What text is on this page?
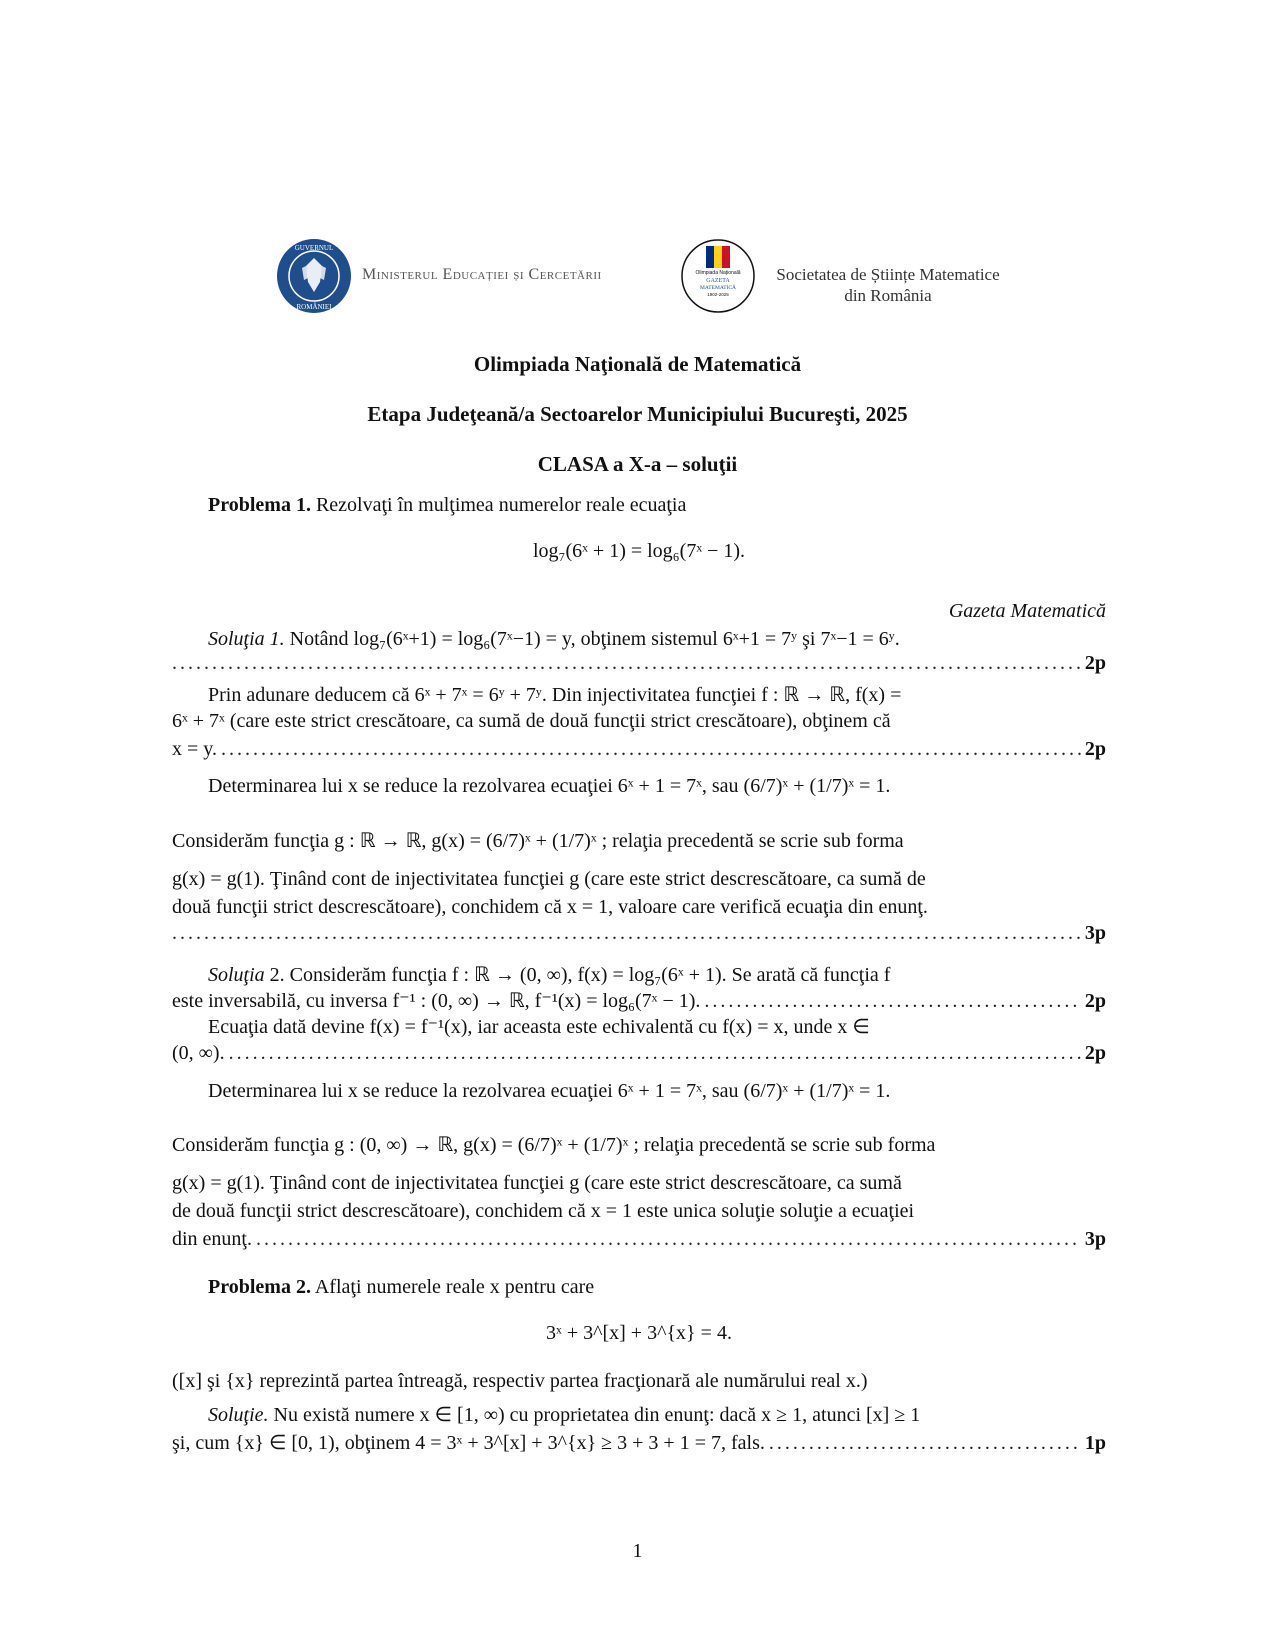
GUVERNUL
ROMÂNIEI
Ministerul Educației și Cercetării	Olimpiada Naţională
GAZETA
MATEMATICĂ
1902-2025
Societatea de Științe Matematice
din România
Olimpiada Naţională de Matematică
Etapa Judeţeană/a Sectoarelor Municipiului Bucureşti, 2025
CLASA a X-a – soluţii
Problema 1. Rezolvaţi în mulţimea numerelor reale ecuaţia
log₇(6ˣ + 1) = log₆(7ˣ − 1).
Gazeta Matematică
Soluţia 1. Notând log₇(6ˣ+1) = log₆(7ˣ−1) = y, obţinem sistemul 6ˣ+1 = 7ʸ şi 7ˣ−1 = 6ʸ.
.....
2p
Prin adunare deducem că 6ˣ + 7ˣ = 6ʸ + 7ʸ. Din injectivitatea funcţiei f : ℝ → ℝ, f(x) =
6ˣ + 7ˣ (care este strict crescătoare, ca sumă de două funcţii strict crescătoare), obţinem că
x = y. .....	2p
Determinarea lui x se reduce la rezolvarea ecuaţiei 6ˣ + 1 = 7ˣ, sau (6/7)ˣ + (1/7)ˣ = 1.
Considerăm funcţia g : ℝ → ℝ, g(x) = (6/7)ˣ + (1/7)ˣ ; relaţia precedentă se scrie sub forma
g(x) = g(1). Ţinând cont de injectivitatea funcţiei g (care este strict descrescătoare, ca sumă de
două funcţii strict descrescătoare), conchidem că x = 1, valoare care verifică ecuaţia din enunţ.
.....
3p
Soluţia 2. Considerăm funcţia f : ℝ → (0, ∞), f(x) = log₇(6ˣ + 1). Se arată că funcţia f
este inversabilă, cu inversa f⁻¹ : (0, ∞) → ℝ, f⁻¹(x) = log₆(7ˣ − 1). .....	2p
Ecuaţia dată devine f(x) = f⁻¹(x), iar aceasta este echivalentă cu f(x) = x, unde x ∈
(0, ∞). .....	2p
Determinarea lui x se reduce la rezolvarea ecuaţiei 6ˣ + 1 = 7ˣ, sau (6/7)ˣ + (1/7)ˣ = 1.
Considerăm funcţia g : (0, ∞) → ℝ, g(x) = (6/7)ˣ + (1/7)ˣ ; relaţia precedentă se scrie sub forma
g(x) = g(1). Ţinând cont de injectivitatea funcţiei g (care este strict descrescătoare, ca sumă
de două funcţii strict descrescătoare), conchidem că x = 1 este unica soluţie soluţie a ecuaţiei
din enunţ. .....	3p
Problema 2. Aflaţi numerele reale x pentru care
3ˣ + 3^[x] + 3^{x} = 4.
([x] şi {x} reprezintă partea întreagă, respectiv partea fracţionară ale numărului real x.)
Soluţie. Nu există numere x ∈ [1, ∞) cu proprietatea din enunţ: dacă x ≥ 1, atunci [x] ≥ 1
şi, cum {x} ∈ [0, 1), obţinem 4 = 3ˣ + 3^[x] + 3^{x} ≥ 3 + 3 + 1 = 7, fals. .....	1p
1
